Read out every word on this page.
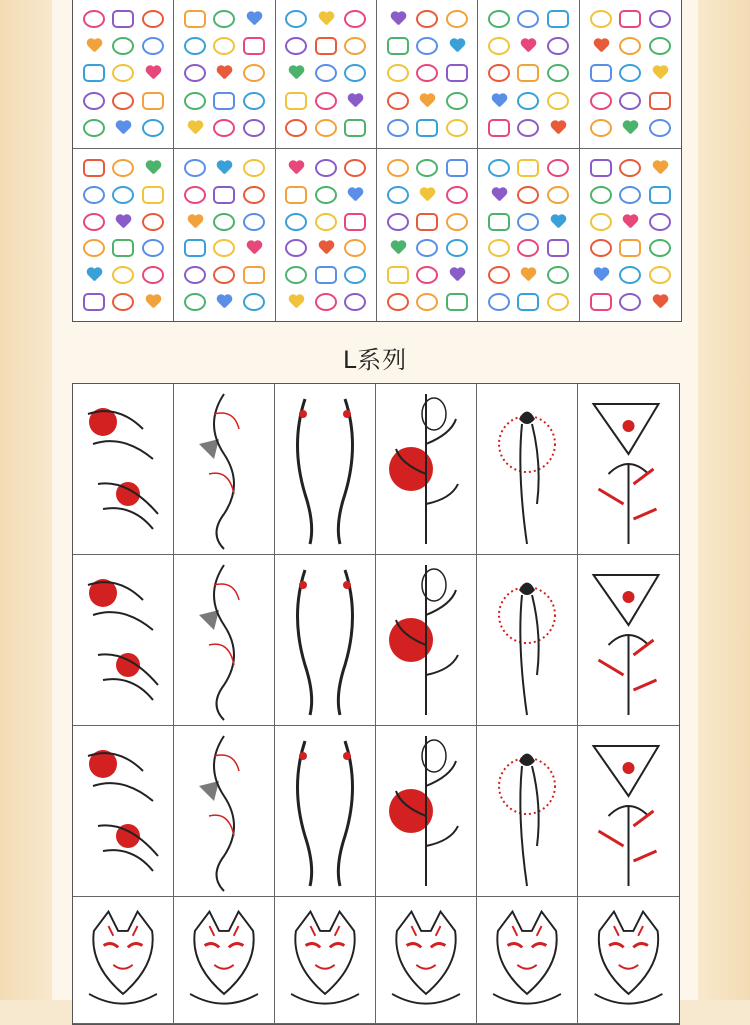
L系列
